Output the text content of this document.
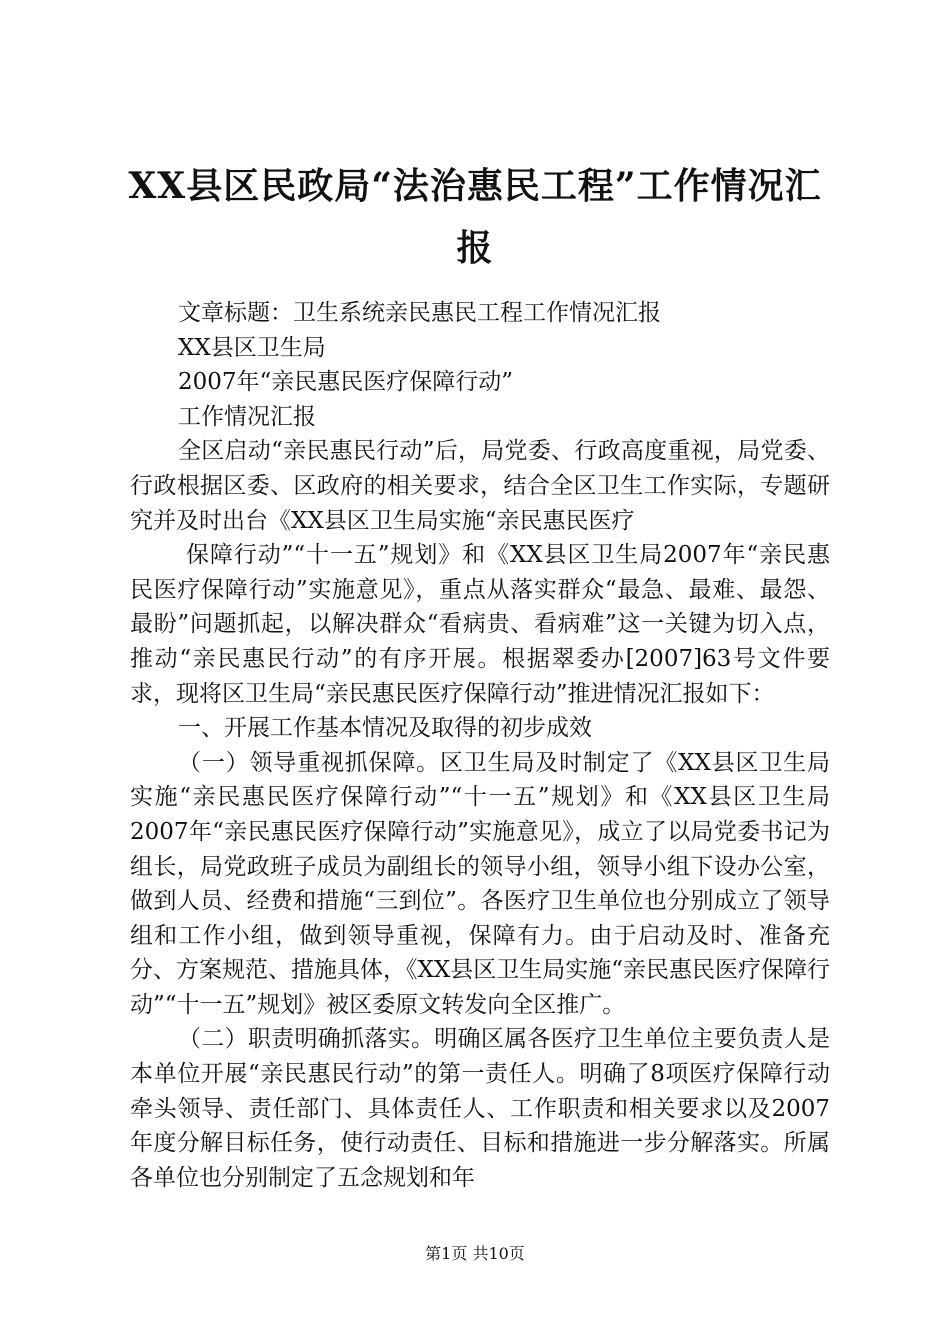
XX县区民政局“法治惠民工程”工作情况汇报

文章标题：卫生系统亲民惠民工程工作情况汇报

XX县区卫生局

2007年“亲民惠民医疗保障行动”

工作情况汇报

全区启动“亲民惠民行动”后，局党委、行政高度重视，局党委、行政根据区委、区政府的相关要求，结合全区卫生工作实际，专题研究并及时出台《XX县区卫生局实施“亲民惠民医疗

保障行动”“十一五”规划》和《XX县区卫生局2007年“亲民惠民医疗保障行动”实施意见》，重点从落实群众“最急、最难、最怨、最盼”问题抓起，以解决群众“看病贵、看病难”这一关键为切入点，推动“亲民惠民行动”的有序开展。根据翠委办[2007]63号文件要求，现将区卫生局“亲民惠民医疗保障行动”推进情况汇报如下：

一、开展工作基本情况及取得的初步成效

（一）领导重视抓保障。区卫生局及时制定了《XX县区卫生局实施“亲民惠民医疗保障行动”“十一五”规划》和《XX县区卫生局2007年“亲民惠民医疗保障行动”实施意见》，成立了以局党委书记为组长，局党政班子成员为副组长的领导小组，领导小组下设办公室，做到人员、经费和措施“三到位”。各医疗卫生单位也分别成立了领导组和工作小组，做到领导重视，保障有力。由于启动及时、准备充分、方案规范、措施具体，《XX县区卫生局实施“亲民惠民医疗保障行动”“十一五”规划》被区委原文转发向全区推广。

（二）职责明确抓落实。明确区属各医疗卫生单位主要负责人是本单位开展“亲民惠民行动”的第一责任人。明确了8项医疗保障行动牵头领导、责任部门、具体责任人、工作职责和相关要求以及2007年度分解目标任务，使行动责任、目标和措施进一步分解落实。所属各单位也分别制定了五念规划和年

第1页 共10页
